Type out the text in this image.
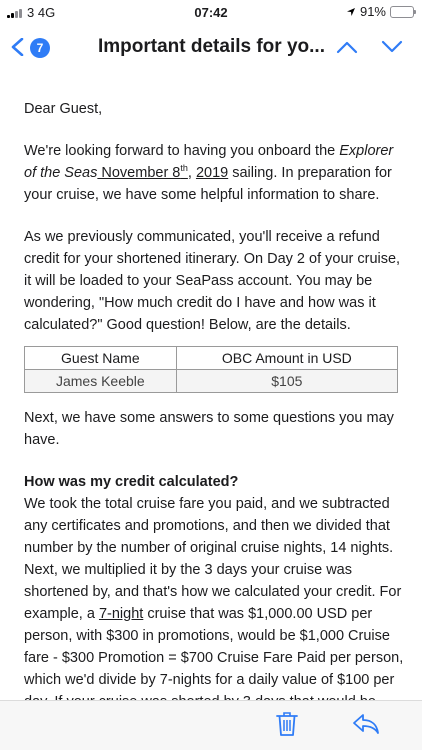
3 4G	07:42	91%
7	Important details for yo...

Dear Guest,

We're looking forward to having you onboard the Explorer of the Seas November 8th, 2019 sailing. In preparation for your cruise, we have some helpful information to share.

As we previously communicated, you'll receive a refund credit for your shortened itinerary. On Day 2 of your cruise, it will be loaded to your SeaPass account. You may be wondering, "How much credit do I have and how was it calculated?" Good question! Below, are the details.

Guest Name	OBC Amount in USD
James Keeble	$105

Next, we have some answers to some questions you may have.

How was my credit calculated?
We took the total cruise fare you paid, and we subtracted any certificates and promotions, and then we divided that number by the number of original cruise nights, 14 nights. Next, we multiplied it by the 3 days your cruise was shortened by, and that's how we calculated your credit. For example, a 7-night cruise that was $1,000.00 USD per person, with $300 in promotions, would be $1,000 Cruise fare - $300 Promotion = $700 Cruise Fare Paid per person, which we'd divide by 7-nights for a daily value of $100 per
